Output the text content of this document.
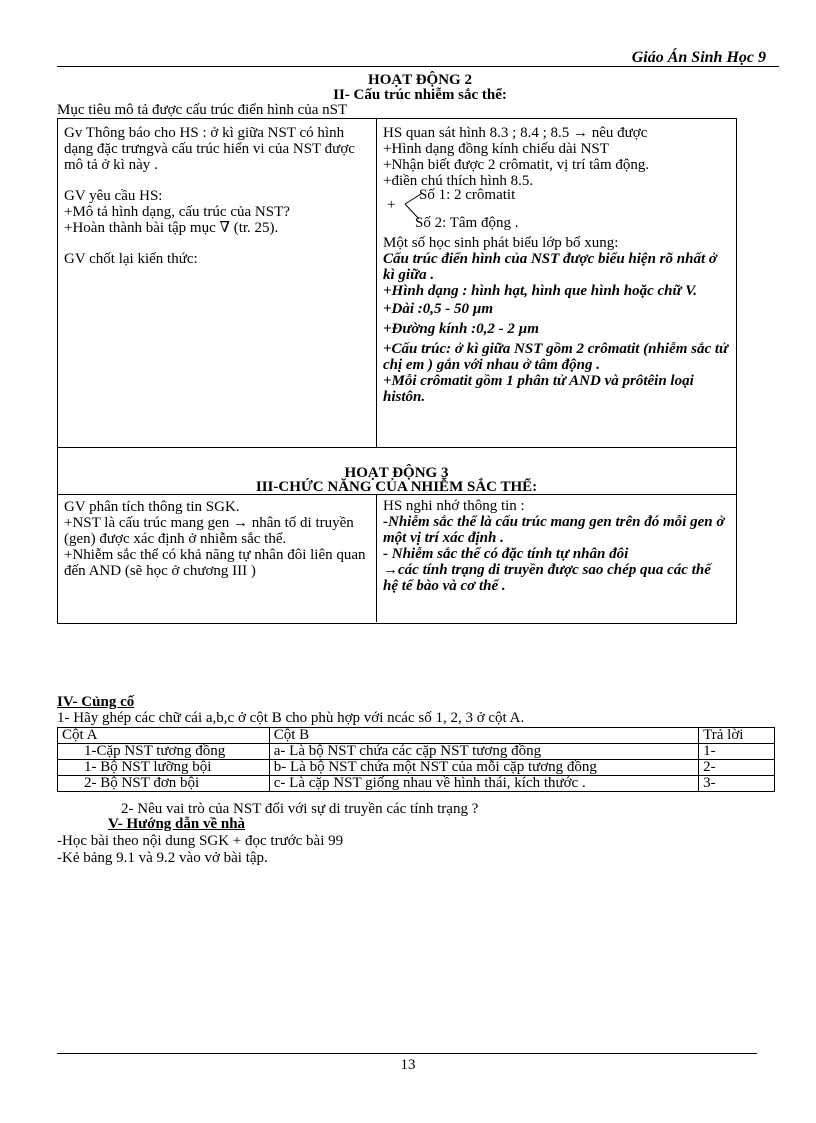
Giáo Án Sinh Học 9
HOẠT ĐỘNG 2
II- Cấu trúc nhiễm sắc thể:
Mục tiêu mô tả được cấu trúc điển hình của nST
Gv Thông báo cho HS : ở kì giữa NST có hình dạng đặc trưngvà cấu trúc hiển vi của NST được mô tả ở kì này .
GV yêu cầu HS:
+Mô tả hình dạng, cấu trúc của NST?
+Hoàn thành bài tập mục ∇ (tr. 25).
GV chốt lại kiến thức:
HS quan sát hình 8.3 ; 8.4 ; 8.5 → nêu được
+Hình dạng đồng kính chiếu dài NST
+Nhận biết được 2 crômatit, vị trí tâm động.
+điền chú thích hình 8.5.
Số 1: 2 crômatit
+
Số 2: Tâm động .
Một số học sinh phát biểu lớp bổ xung:
Cấu trúc điển hình của NST được biểu hiện rõ nhất ở kì giữa .
+Hình dạng : hình hạt, hình que hình hoặc chữ V.
+Dài :0,5 - 50 µm
+Đường kính :0,2 - 2 µm
+Cấu trúc: ở kì giữa NST gồm 2 crômatit (nhiễm sắc tử chị em ) gắn với nhau ở tâm động .
+Mỗi crômatit gồm 1 phân tử AND và prôtêin loại histôn.
HOẠT ĐỘNG 3
III-CHỨC NĂNG CỦA NHIỄM SẮC THỂ:
GV phân tích thông tin SGK.
+NST là cấu trúc mang gen → nhân tố di truyền (gen) được xác định ở nhiễm sắc thể.
+Nhiễm sắc thể có khả năng tự nhân đôi liên quan đến AND (sẽ học ở chương III )
HS nghi nhớ thông tin :
-Nhiễm sắc thể là cấu trúc mang gen trên đó mỗi gen ở một vị trí xác định .
- Nhiễm sắc thể có đặc tính tự nhân đôi
→các tính trạng di truyền được sao chép qua các thế hệ tế bào và cơ thể .
IV- Củng cố
1- Hãy ghép các chữ cái a,b,c ở cột B cho phù hợp với ncác số 1, 2, 3 ở cột A.
Cột A	Cột B	Trả lời
1-Cặp NST tương đồng	a- Là bộ NST chứa các cặp NST tương đồng	1-
1- Bộ NST lưỡng bội	b- Là bộ NST chứa một NST của mỗi cặp tương đồng	2-
2- Bộ NST đơn bội	c- Là cặp NST giống nhau về hình thái, kích thước .	3-
2- Nêu vai trò của NST đối với sự di truyền các tính trạng ?
V- Hướng dẫn về nhà
-Học bài theo nội dung SGK + đọc trước bài 99
-Kẻ bảng 9.1 và 9.2 vào vở bài tập.
13
